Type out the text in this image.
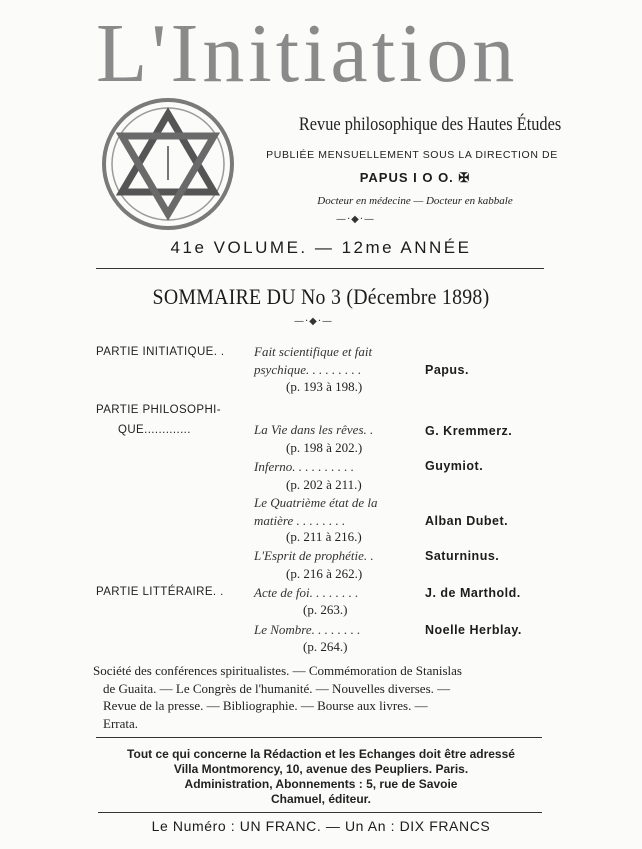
L'Initiation
Revue philosophique des Hautes Études
PUBLIÉE MENSUELLEMENT SOUS LA DIRECTION DE
PAPUS I O O. ✠
Docteur en médecine — Docteur en kabbale
—·◆·—
41e VOLUME. — 12me ANNÉE
SOMMAIRE DU No 3 (Décembre 1898)
—·◆·—
PARTIE INITIATIQUE. . Fait scientifique et fait
psychique. . . . . . . . .	Papus.
(p. 193 à 198.)
PARTIE PHILOSOPHI-
QUE.............	La Vie dans les rêves. .	G. Kremmerz.
(p. 198 à 202.)
Inferno. . . . . . . . . .	Guymiot.
(p. 202 à 211.)
Le Quatrième état de la
matière . . . . . . . .	Alban Dubet.
(p. 211 à 216.)
L'Esprit de prophétie. .	Saturninus.
(p. 216 à 262.)
PARTIE LITTÉRAIRE. . Acte de foi. . . . . . . .	J. de Marthold.
(p. 263.)
Le Nombre. . . . . . . .	Noelle Herblay.
(p. 264.)
Société des conférences spiritualistes. — Commémoration de Stanislas
de Guaita. — Le Congrès de l'humanité. — Nouvelles diverses. —
Revue de la presse. — Bibliographie. — Bourse aux livres. —
Errata.
Tout ce qui concerne la Rédaction et les Echanges doit être adressé
Villa Montmorency, 10, avenue des Peupliers. Paris.
Administration, Abonnements : 5, rue de Savoie
Chamuel, éditeur.
Le Numéro : UN FRANC. — Un An : DIX FRANCS
